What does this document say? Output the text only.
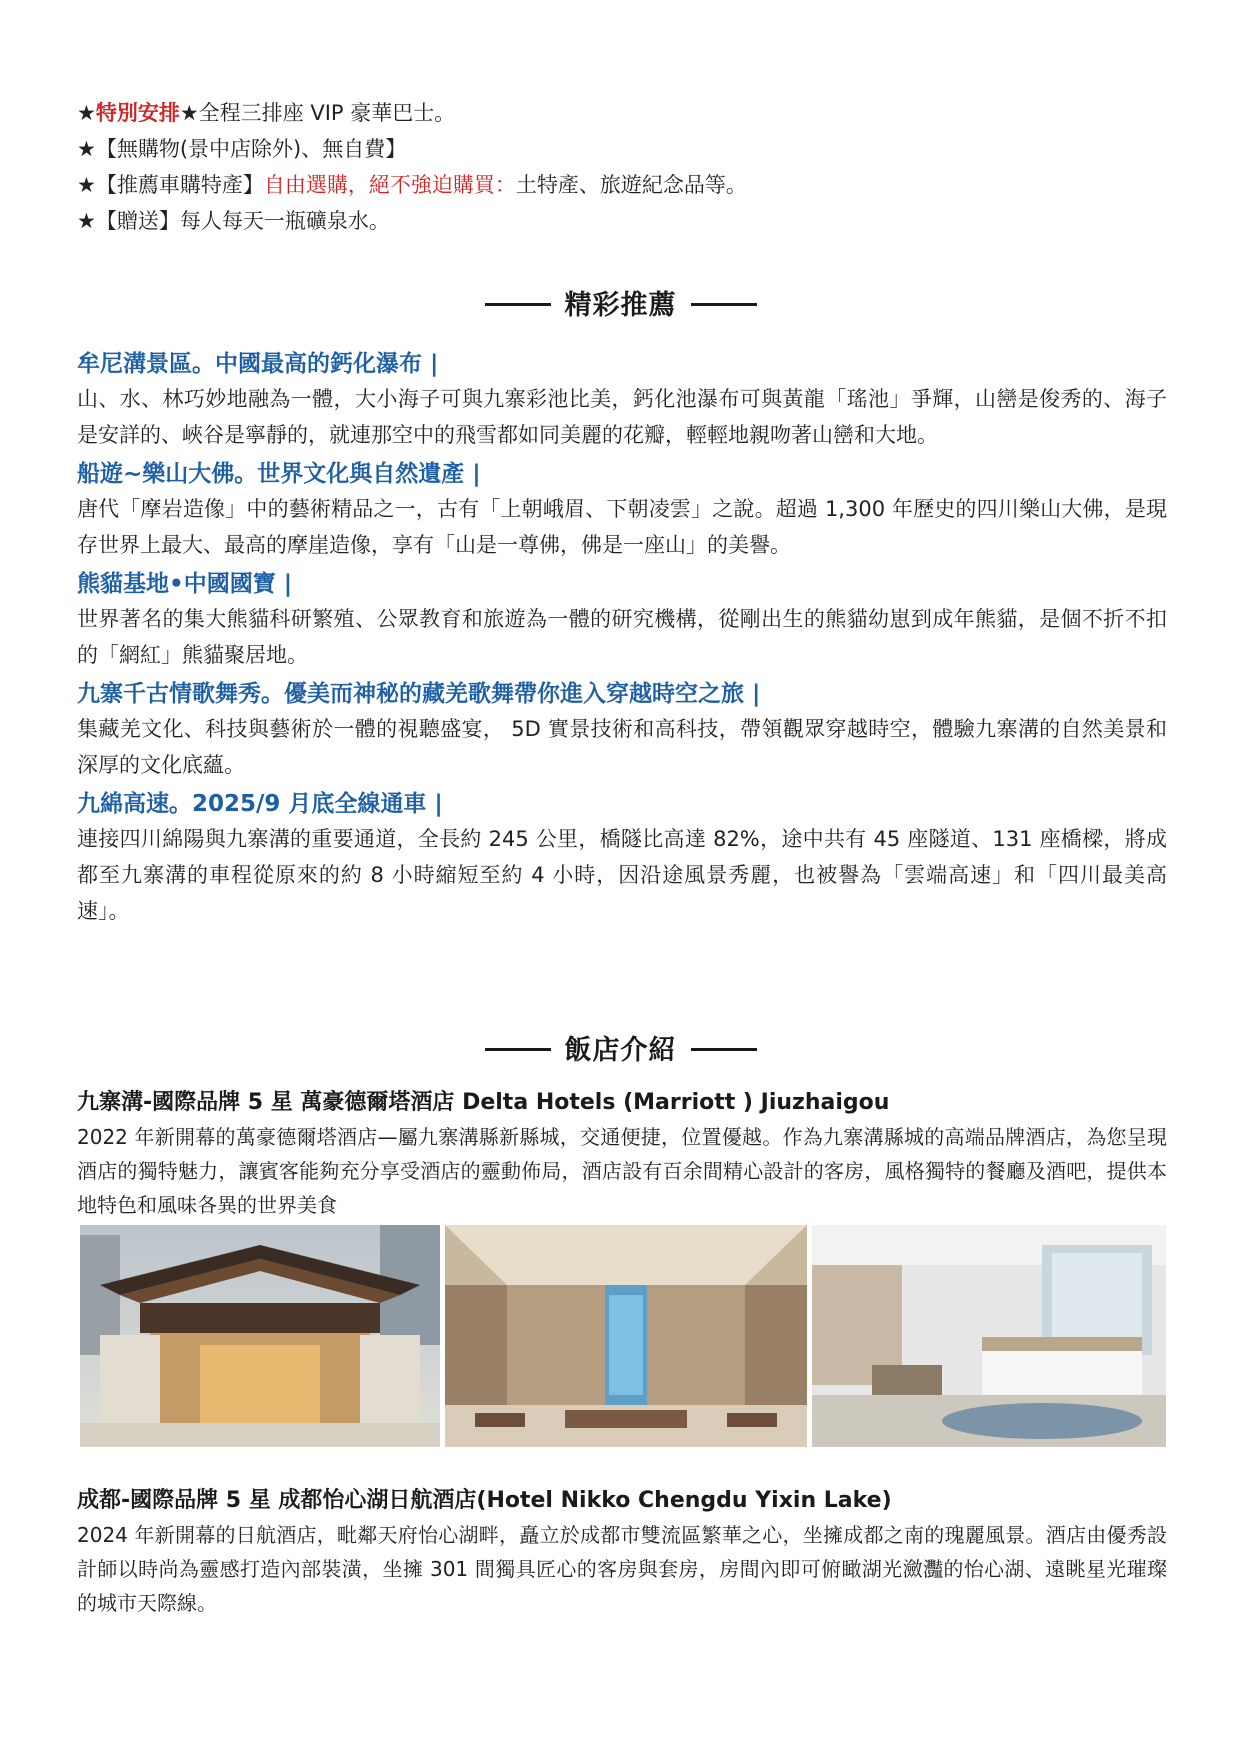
★特別安排★全程三排座 VIP 豪華巴士。
★【無購物(景中店除外)、無自費】
★【推薦車購特產】自由選購，絕不強迫購買：土特產、旅遊紀念品等。
★【贈送】每人每天一瓶礦泉水。
精彩推薦
牟尼溝景區。中國最高的鈣化瀑布 |
山、水、林巧妙地融為一體，大小海子可與九寨彩池比美，鈣化池瀑布可與黃龍「瑤池」爭輝，山巒是俊秀的、海子是安詳的、峽谷是寧靜的，就連那空中的飛雪都如同美麗的花瓣，輕輕地親吻著山巒和大地。
船遊~樂山大佛。世界文化與自然遺產 |
唐代「摩岩造像」中的藝術精品之一，古有「上朝峨眉、下朝凌雲」之說。超過 1,300 年歷史的四川樂山大佛，是現存世界上最大、最高的摩崖造像，享有「山是一尊佛，佛是一座山」的美譽。
熊貓基地•中國國寶 |
世界著名的集大熊貓科研繁殖、公眾教育和旅遊為一體的研究機構，從剛出生的熊貓幼崽到成年熊貓，是個不折不扣的「網紅」熊貓聚居地。
九寨千古情歌舞秀。優美而神秘的藏羌歌舞帶你進入穿越時空之旅 |
集藏羌文化、科技與藝術於一體的視聽盛宴， 5D 實景技術和高科技，帶領觀眾穿越時空，體驗九寨溝的自然美景和深厚的文化底蘊。
九綿高速。2025/9 月底全線通車 |
連接四川綿陽與九寨溝的重要通道，全長約 245 公里，橋隧比高達 82%，途中共有 45 座隧道、131 座橋樑，將成都至九寨溝的車程從原來的約 8 小時縮短至約 4 小時，因沿途風景秀麗，也被譽為「雲端高速」和「四川最美高速」。
飯店介紹
九寨溝-國際品牌 5 星 萬豪德爾塔酒店 Delta Hotels (Marriott ) Jiuzhaigou
2022 年新開幕的萬豪德爾塔酒店—屬九寨溝縣新縣城，交通便捷，位置優越。作為九寨溝縣城的高端品牌酒店，為您呈現酒店的獨特魅力，讓賓客能夠充分享受酒店的靈動佈局，酒店設有百余間精心設計的客房，風格獨特的餐廳及酒吧，提供本地特色和風味各異的世界美食
成都-國際品牌 5 星 成都怡心湖日航酒店(Hotel Nikko Chengdu Yixin Lake)
2024 年新開幕的日航酒店，毗鄰天府怡心湖畔，矗立於成都市雙流區繁華之心，坐擁成都之南的瑰麗風景。酒店由優秀設計師以時尚為靈感打造內部裝潢，坐擁 301 間獨具匠心的客房與套房，房間內即可俯瞰湖光瀲灩的怡心湖、遠眺星光璀璨的城市天際線。
